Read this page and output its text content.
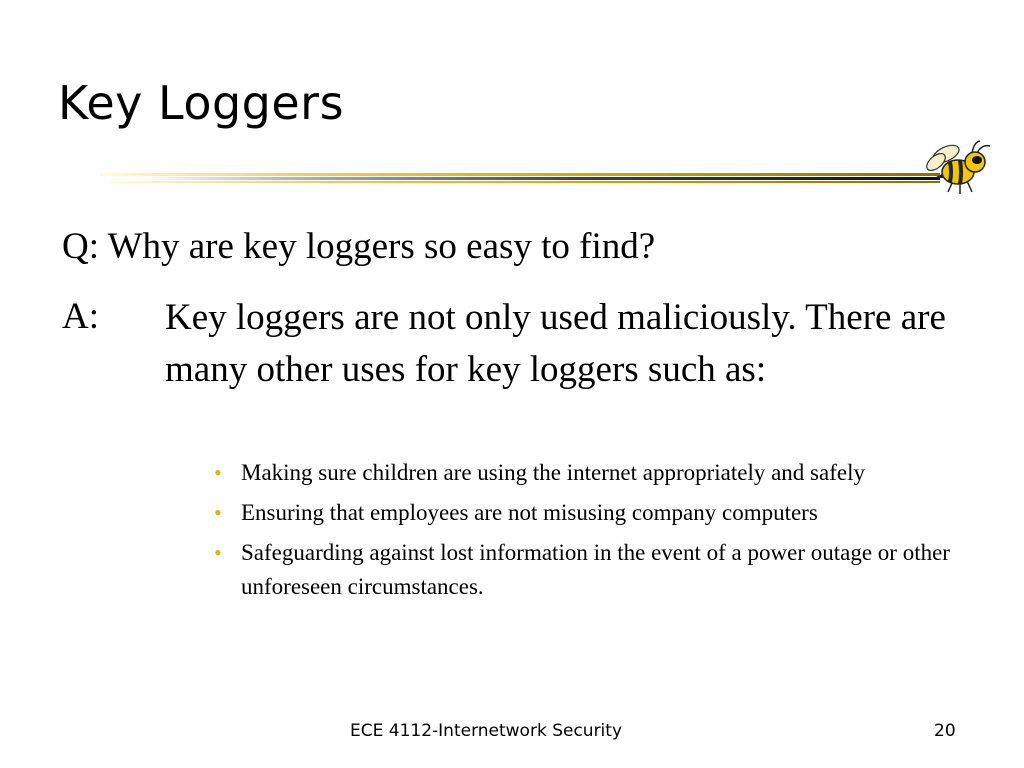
Key Loggers

Q: Why are key loggers so easy to find?

A: Key loggers are not only used maliciously. There are many other uses for key loggers such as:

• Making sure children are using the internet appropriately and safely
• Ensuring that employees are not misusing company computers
• Safeguarding against lost information in the event of a power outage or other unforeseen circumstances.
ECE 4112-Internetwork Security	20
